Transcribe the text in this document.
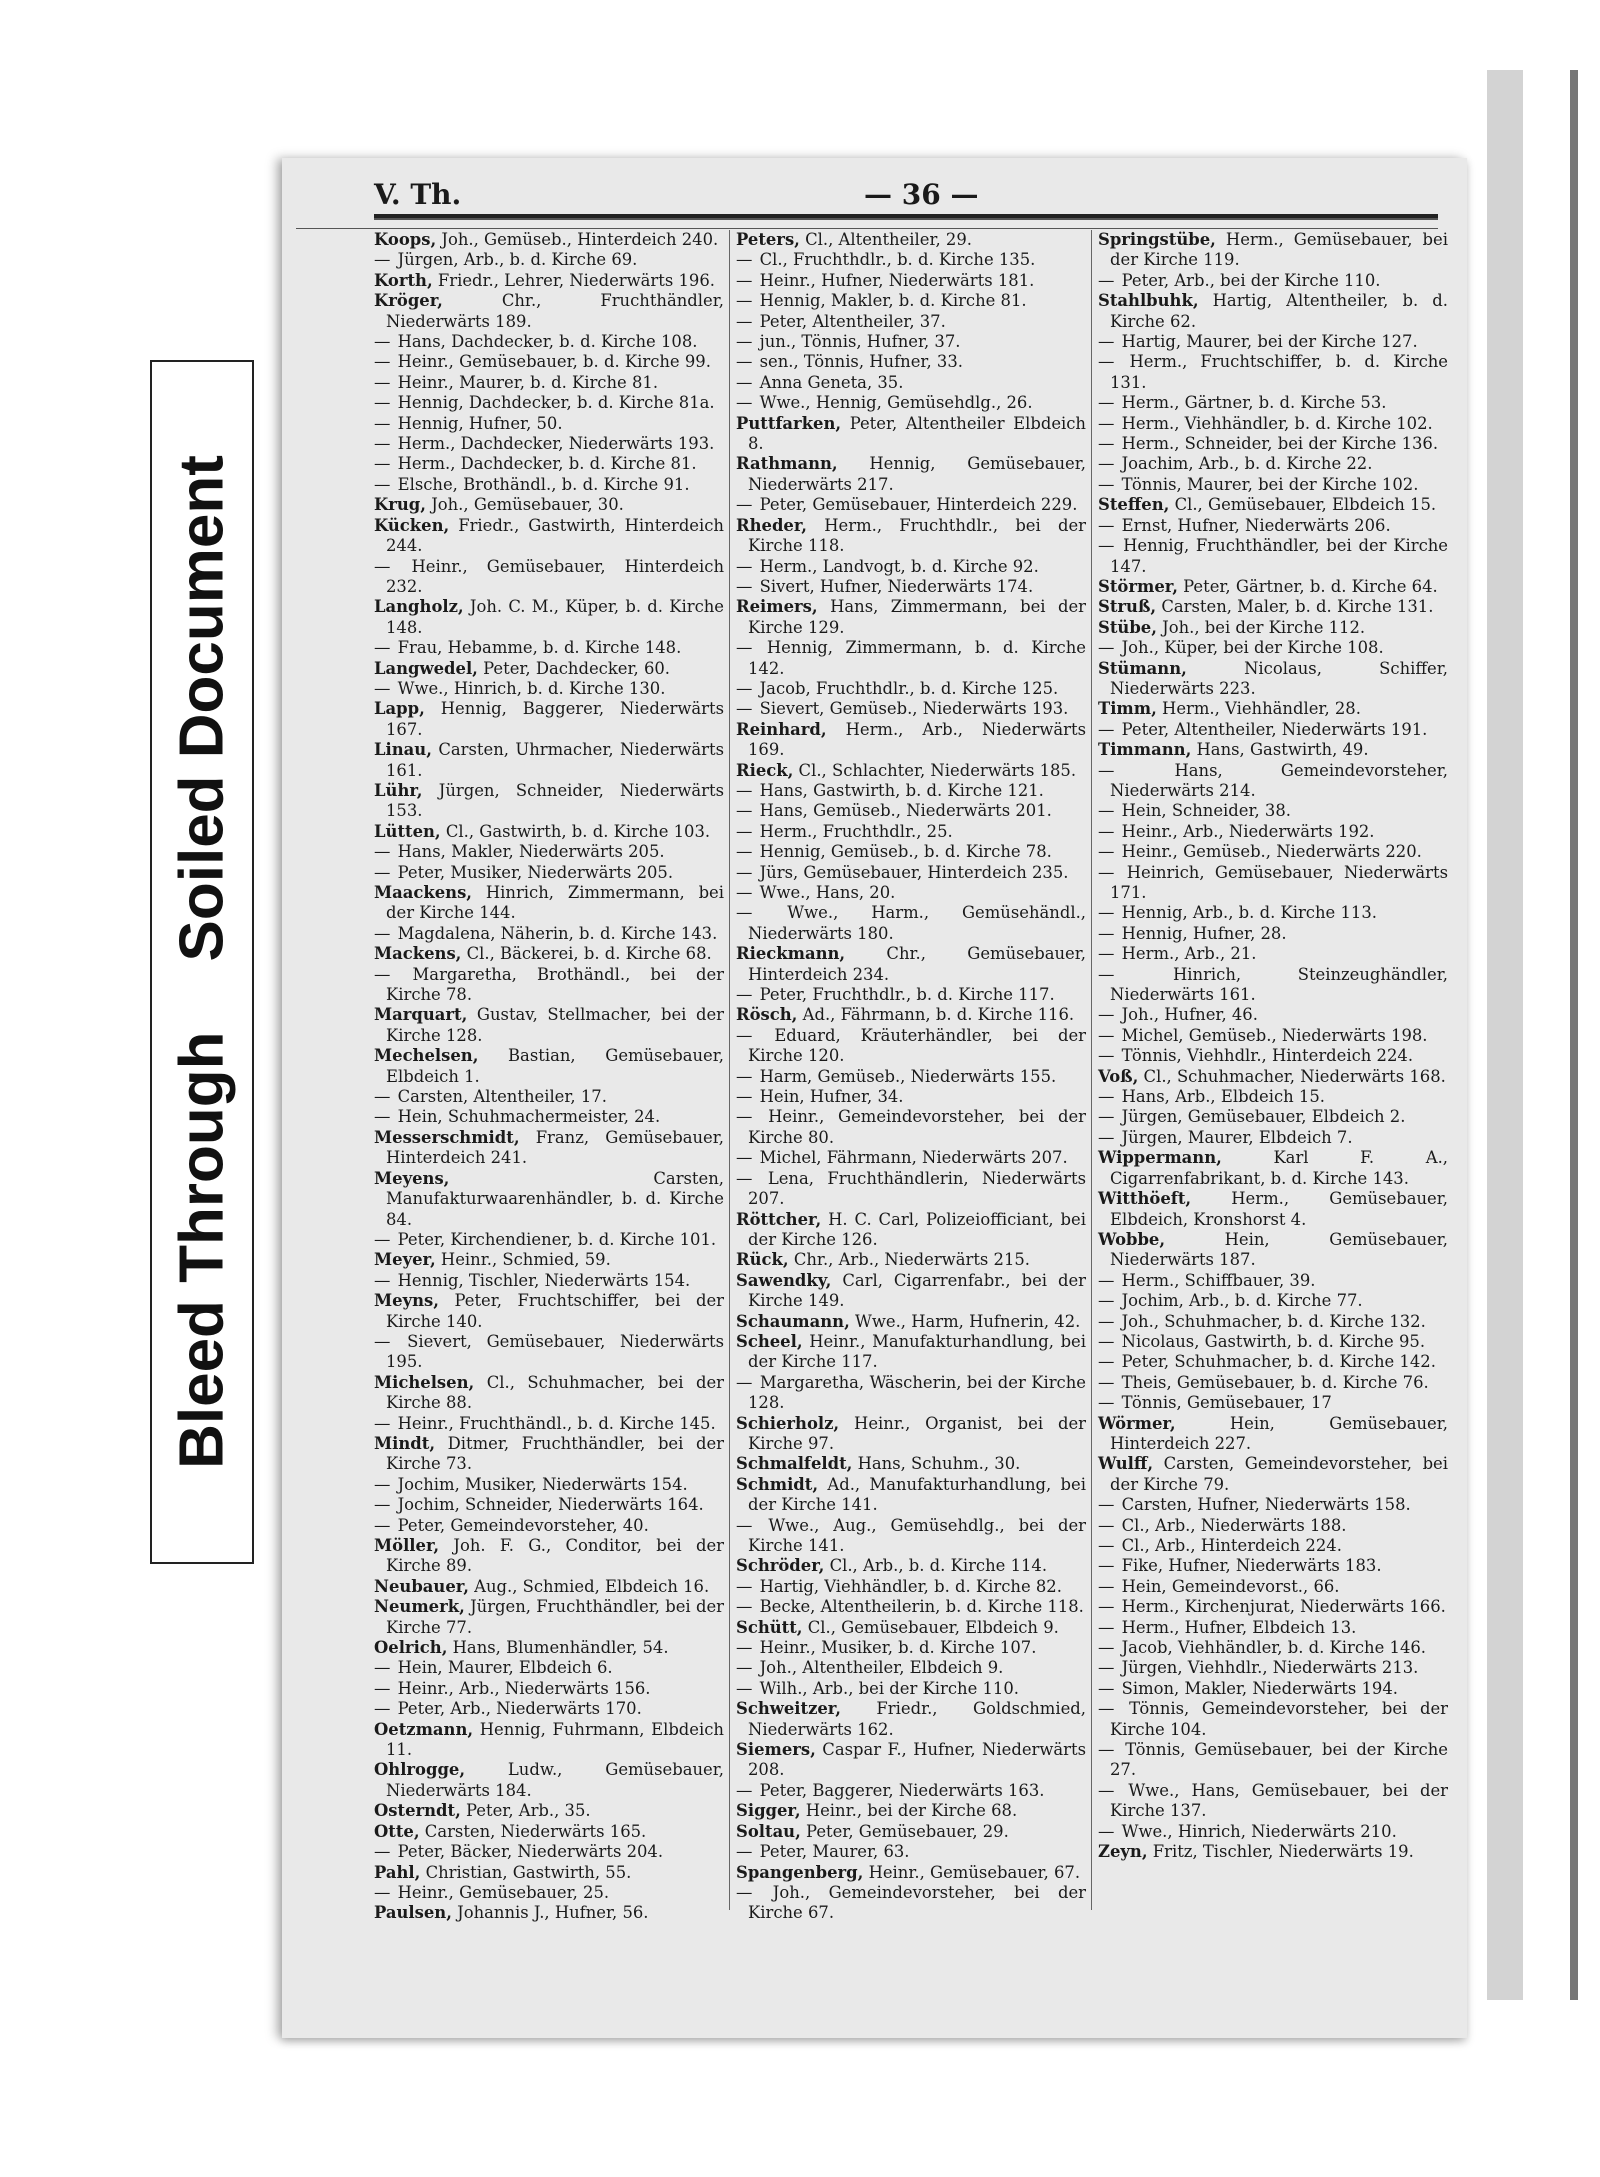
Bleed ThroughSoiled Document
V. Th.	— 36 —

Koops, Joh., Gemüseb., Hinterdeich 240.

— Jürgen, Arb., b. d. Kirche 69.

Korth, Friedr., Lehrer, Niederwärts 196.

Kröger,	Chr., Fruchthändler, Niederwärts 189.

— Hans, Dachdecker, b. d. Kirche 108.

— Heinr., Gemüsebauer, b. d. Kirche 99.

— Heinr., Maurer, b. d. Kirche 81.

— Hennig, Dachdecker, b. d. Kirche 81a.

— Hennig, Hufner, 50.

— Herm., Dachdecker, Niederwärts 193.

— Herm., Dachdecker, b. d. Kirche 81.

— Elsche, Brothändl., b. d. Kirche 91.

Krug, Joh., Gemüsebauer, 30.

Kücken, Friedr., Gastwirth, Hinterdeich 244.

— Heinr., Gemüsebauer, Hinterdeich 232.

Langholz, Joh. C. M., Küper, b. d. Kirche 148.

— Frau, Hebamme, b. d. Kirche 148.

Langwedel, Peter, Dachdecker, 60.

— Wwe., Hinrich, b. d. Kirche 130.

Lapp, Hennig, Baggerer, Niederwärts 167.

Linau, Carsten, Uhrmacher, Niederwärts 161.

Lühr, Jürgen, Schneider, Niederwärts 153.

Lütten, Cl., Gastwirth, b. d. Kirche 103.

— Hans, Makler, Niederwärts 205.

— Peter, Musiker, Niederwärts 205.

Maackens, Hinrich, Zimmermann, bei der Kirche 144.

— Magdalena, Näherin, b. d. Kirche 143.

Mackens, Cl., Bäckerei, b. d. Kirche 68.

— Margaretha, Brothändl., bei der Kirche 78.

Marquart, Gustav, Stellmacher, bei der Kirche 128.

Mechelsen, Bastian, Gemüsebauer, Elbdeich 1.

— Carsten, Altentheiler, 17.

— Hein, Schuhmachermeister, 24.

Messerschmidt, Franz, Gemüsebauer, Hinterdeich 241.

Meyens,	Carsten, Manufakturwaarenhändler, b. d. Kirche 84.

— Peter, Kirchendiener, b. d. Kirche 101.

Meyer, Heinr., Schmied, 59.

— Hennig, Tischler, Niederwärts 154.

Meyns, Peter, Fruchtschiffer, bei der Kirche 140.

— Sievert, Gemüsebauer, Niederwärts 195.

Michelsen, Cl., Schuhmacher, bei der Kirche 88.

— Heinr., Fruchthändl., b. d. Kirche 145.

Mindt, Ditmer, Fruchthändler, bei der Kirche 73.

— Jochim, Musiker, Niederwärts 154.

— Jochim, Schneider, Niederwärts 164.

— Peter, Gemeindevorsteher, 40.

Möller, Joh. F. G., Conditor, bei der Kirche 89.

Neubauer, Aug., Schmied, Elbdeich 16.

Neumerk, Jürgen, Fruchthändler, bei der Kirche 77.

Oelrich, Hans, Blumenhändler, 54.

— Hein, Maurer, Elbdeich 6.

— Heinr., Arb., Niederwärts 156.

— Peter, Arb., Niederwärts 170.

Oetzmann, Hennig, Fuhrmann, Elbdeich 11.

Ohlrogge,	Ludw., Gemüsebauer, Niederwärts 184.

Osterndt, Peter, Arb., 35.

Otte, Carsten, Niederwärts 165.

— Peter, Bäcker, Niederwärts 204.

Pahl, Christian, Gastwirth, 55.

— Heinr., Gemüsebauer, 25.

Paulsen, Johannis J., Hufner, 56.

Peters, Cl., Altentheiler, 29.

— Cl., Fruchthdlr., b. d. Kirche 135.

— Heinr., Hufner, Niederwärts 181.

— Hennig, Makler, b. d. Kirche 81.

— Peter, Altentheiler, 37.

— jun., Tönnis, Hufner, 37.

— sen., Tönnis, Hufner, 33.

— Anna Geneta, 35.

— Wwe., Hennig, Gemüsehdlg., 26.

Puttfarken, Peter, Altentheiler Elbdeich 8.

Rathmann, Hennig, Gemüsebauer, Niederwärts 217.

— Peter, Gemüsebauer, Hinterdeich 229.

Rheder, Herm., Fruchthdlr., bei der Kirche 118.

— Herm., Landvogt, b. d. Kirche 92.

— Sivert, Hufner, Niederwärts 174.

Reimers, Hans, Zimmermann, bei der Kirche 129.

— Hennig, Zimmermann, b. d. Kirche 142.

— Jacob, Fruchthdlr., b. d. Kirche 125.

— Sievert, Gemüseb., Niederwärts 193.

Reinhard, Herm., Arb., Niederwärts 169.

Rieck, Cl., Schlachter, Niederwärts 185.

— Hans, Gastwirth, b. d. Kirche 121.

— Hans, Gemüseb., Niederwärts 201.

— Herm., Fruchthdlr., 25.

— Hennig, Gemüseb., b. d. Kirche 78.

— Jürs, Gemüsebauer, Hinterdeich 235.

— Wwe., Hans, 20.

— Wwe., Harm., Gemüsehändl., Niederwärts 180.

Rieckmann,	Chr., Gemüsebauer, Hinterdeich 234.

— Peter, Fruchthdlr., b. d. Kirche 117.

Rösch, Ad., Fährmann, b. d. Kirche 116.

— Eduard, Kräuterhändler, bei der Kirche 120.

— Harm, Gemüseb., Niederwärts 155.

— Hein, Hufner, 34.

— Heinr., Gemeindevorsteher, bei der Kirche 80.

— Michel, Fährmann, Niederwärts 207.

— Lena, Fruchthändlerin, Niederwärts 207.

Röttcher, H. C. Carl, Polizeiofficiant, bei der Kirche 126.

Rück, Chr., Arb., Niederwärts 215.

Sawendky, Carl, Cigarrenfabr., bei der Kirche 149.

Schaumann, Wwe., Harm, Hufnerin, 42.

Scheel, Heinr., Manufakturhandlung, bei der Kirche 117.

— Margaretha, Wäscherin, bei der Kirche 128.

Schierholz, Heinr., Organist, bei der Kirche 97.

Schmalfeldt, Hans, Schuhm., 30.

Schmidt, Ad., Manufakturhandlung, bei der Kirche 141.

— Wwe., Aug., Gemüsehdlg., bei der Kirche 141.

Schröder, Cl., Arb., b. d. Kirche 114.

— Hartig, Viehhändler, b. d. Kirche 82.

— Becke, Altentheilerin, b. d. Kirche 118.

Schütt, Cl., Gemüsebauer, Elbdeich 9.

— Heinr., Musiker, b. d. Kirche 107.

— Joh., Altentheiler, Elbdeich 9.

— Wilh., Arb., bei der Kirche 110.

Schweitzer, Friedr., Goldschmied, Niederwärts 162.

Siemers, Caspar F., Hufner, Niederwärts 208.

— Peter, Baggerer, Niederwärts 163.

Sigger, Heinr., bei der Kirche 68.

Soltau, Peter, Gemüsebauer, 29.

— Peter, Maurer, 63.

Spangenberg, Heinr., Gemüsebauer, 67.

— Joh., Gemeindevorsteher, bei der Kirche 67.

Springstübe, Herm., Gemüsebauer, bei der Kirche 119.

— Peter, Arb., bei der Kirche 110.

Stahlbuhk, Hartig, Altentheiler, b. d. Kirche 62.

— Hartig, Maurer, bei der Kirche 127.

— Herm., Fruchtschiffer, b. d. Kirche 131.

— Herm., Gärtner, b. d. Kirche 53.

— Herm., Viehhändler, b. d. Kirche 102.

— Herm., Schneider, bei der Kirche 136.

— Joachim, Arb., b. d. Kirche 22.

— Tönnis, Maurer, bei der Kirche 102.

Steffen, Cl., Gemüsebauer, Elbdeich 15.

— Ernst, Hufner, Niederwärts 206.

— Hennig, Fruchthändler, bei der Kirche 147.

Störmer, Peter, Gärtner, b. d. Kirche 64.

Struß, Carsten, Maler, b. d. Kirche 131.

Stübe, Joh., bei der Kirche 112.

— Joh., Küper, bei der Kirche 108.

Stümann,	Nicolaus, Schiffer, Niederwärts 223.

Timm, Herm., Viehhändler, 28.

— Peter, Altentheiler, Niederwärts 191.

Timmann, Hans, Gastwirth, 49.

— Hans, Gemeindevorsteher, Niederwärts 214.

— Hein, Schneider, 38.

— Heinr., Arb., Niederwärts 192.

— Heinr., Gemüseb., Niederwärts 220.

— Heinrich, Gemüsebauer, Niederwärts 171.

— Hennig, Arb., b. d. Kirche 113.

— Hennig, Hufner, 28.

— Herm., Arb., 21.

— Hinrich, Steinzeughändler, Niederwärts 161.

— Joh., Hufner, 46.

— Michel, Gemüseb., Niederwärts 198.

— Tönnis, Viehhdlr., Hinterdeich 224.

Voß, Cl., Schuhmacher, Niederwärts 168.

— Hans, Arb., Elbdeich 15.

— Jürgen, Gemüsebauer, Elbdeich 2.

— Jürgen, Maurer, Elbdeich 7.

Wippermann,	Karl F. A., Cigarrenfabrikant, b. d. Kirche 143.

Witthöeft, Herm., Gemüsebauer, Elbdeich, Kronshorst 4.

Wobbe,	Hein, Gemüsebauer, Niederwärts 187.

— Herm., Schiffbauer, 39.

— Jochim, Arb., b. d. Kirche 77.

— Joh., Schuhmacher, b. d. Kirche 132.

— Nicolaus, Gastwirth, b. d. Kirche 95.

— Peter, Schuhmacher, b. d. Kirche 142.

— Theis, Gemüsebauer, b. d. Kirche 76.

— Tönnis, Gemüsebauer, 17

Wörmer,	Hein, Gemüsebauer, Hinterdeich 227.

Wulff, Carsten, Gemeindevorsteher, bei der Kirche 79.

— Carsten, Hufner, Niederwärts 158.

— Cl., Arb., Niederwärts 188.

— Cl., Arb., Hinterdeich 224.

— Fike, Hufner, Niederwärts 183.

— Hein, Gemeindevorst., 66.

— Herm., Kirchenjurat, Niederwärts 166.

— Herm., Hufner, Elbdeich 13.

— Jacob, Viehhändler, b. d. Kirche 146.

— Jürgen, Viehhdlr., Niederwärts 213.

— Simon, Makler, Niederwärts 194.

— Tönnis, Gemeindevorsteher, bei der Kirche 104.

— Tönnis, Gemüsebauer, bei der Kirche 27.

— Wwe., Hans, Gemüsebauer, bei der Kirche 137.

— Wwe., Hinrich, Niederwärts 210.

Zeyn, Fritz, Tischler, Niederwärts 19.
